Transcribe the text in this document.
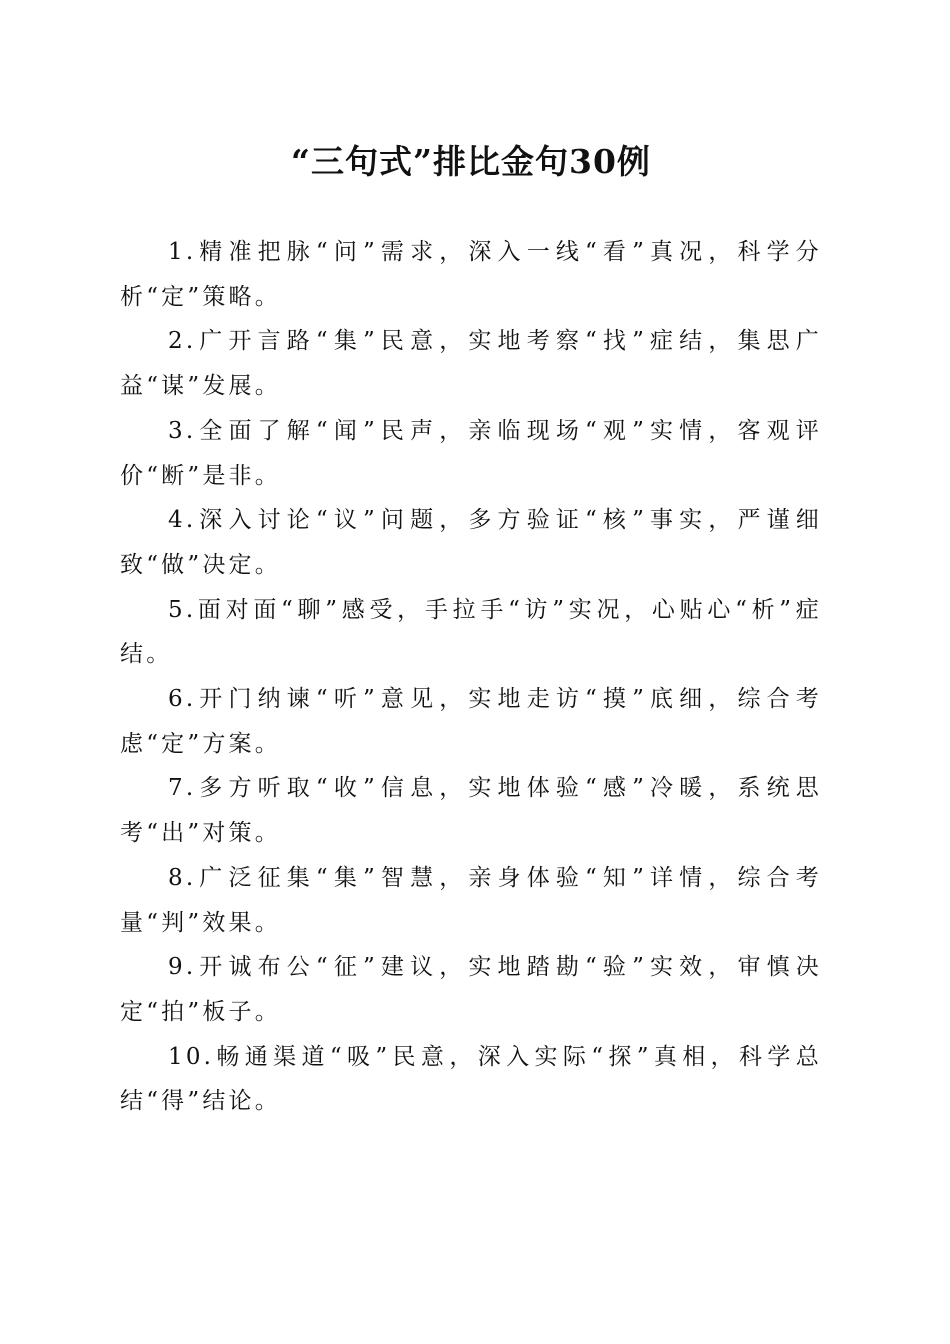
“三句式”排比金句30例

1.精准把脉“问”需求，深入一线“看”真况，科学分析“定”策略。

2.广开言路“集”民意，实地考察“找”症结，集思广益“谋”发展。

3.全面了解“闻”民声，亲临现场“观”实情，客观评价“断”是非。

4.深入讨论“议”问题，多方验证“核”事实，严谨细致“做”决定。

5.面对面“聊”感受，手拉手“访”实况，心贴心“析”症结。

6.开门纳谏“听”意见，实地走访“摸”底细，综合考虑“定”方案。

7.多方听取“收”信息，实地体验“感”冷暖，系统思考“出”对策。

8.广泛征集“集”智慧，亲身体验“知”详情，综合考量“判”效果。

9.开诚布公“征”建议，实地踏勘“验”实效，审慎决定“拍”板子。

10.畅通渠道“吸”民意，深入实际“探”真相，科学总结“得”结论。
